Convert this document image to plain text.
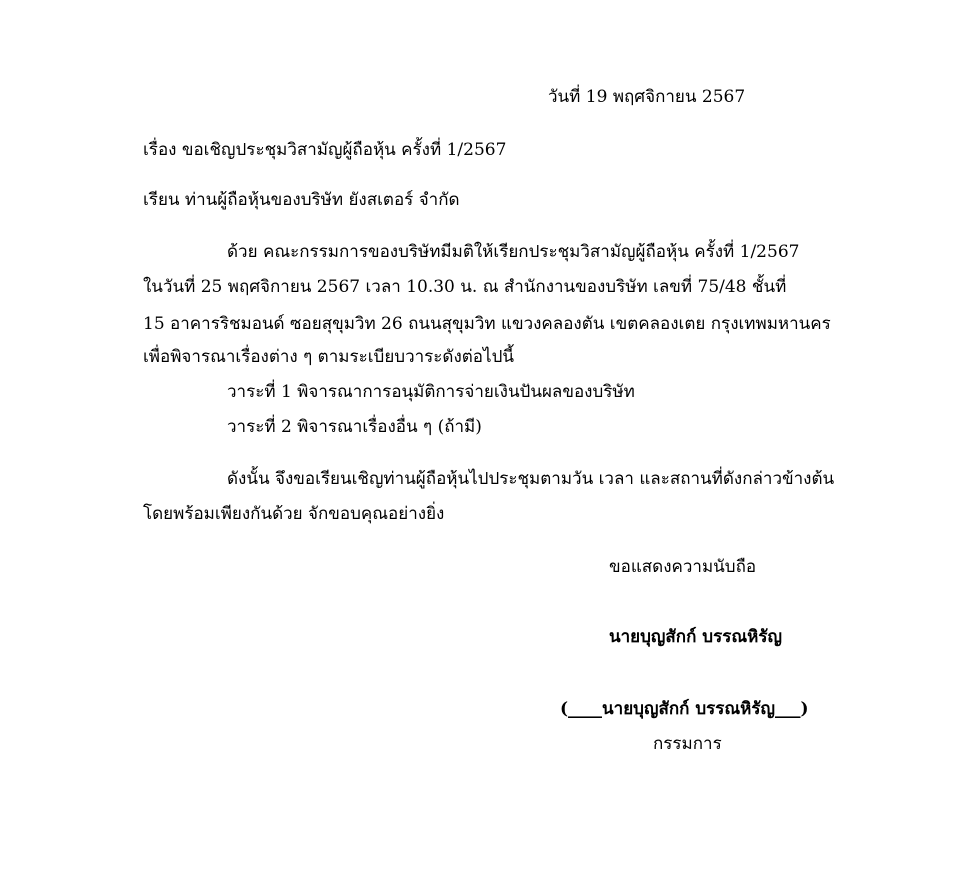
วันที่ 19 พฤศจิกายน 2567
เรื่อง ขอเชิญประชุมวิสามัญผู้ถือหุ้น ครั้งที่ 1/2567
เรียน ท่านผู้ถือหุ้นของบริษัท ยังสเตอร์ จำกัด
ด้วย คณะกรรมการของบริษัทมีมติให้เรียกประชุมวิสามัญผู้ถือหุ้น ครั้งที่ 1/2567
ในวันที่ 25 พฤศจิกายน 2567 เวลา 10.30 น. ณ สำนักงานของบริษัท เลขที่ 75/48 ชั้นที่
15 อาคารริชมอนด์ ซอยสุขุมวิท 26 ถนนสุขุมวิท แขวงคลองตัน เขตคลองเตย กรุงเทพมหานคร
เพื่อพิจารณาเรื่องต่าง ๆ ตามระเบียบวาระดังต่อไปนี้
วาระที่ 1 พิจารณาการอนุมัติการจ่ายเงินปันผลของบริษัท
วาระที่ 2 พิจารณาเรื่องอื่น ๆ (ถ้ามี)
ดังนั้น จึงขอเรียนเชิญท่านผู้ถือหุ้นไปประชุมตามวัน เวลา และสถานที่ดังกล่าวข้างต้น
โดยพร้อมเพียงกันด้วย จักขอบคุณอย่างยิ่ง
ขอแสดงความนับถือ
นายบุญสักก์ บรรณหิรัญ
(____นายบุญสักก์ บรรณหิรัญ___)
กรรมการ
